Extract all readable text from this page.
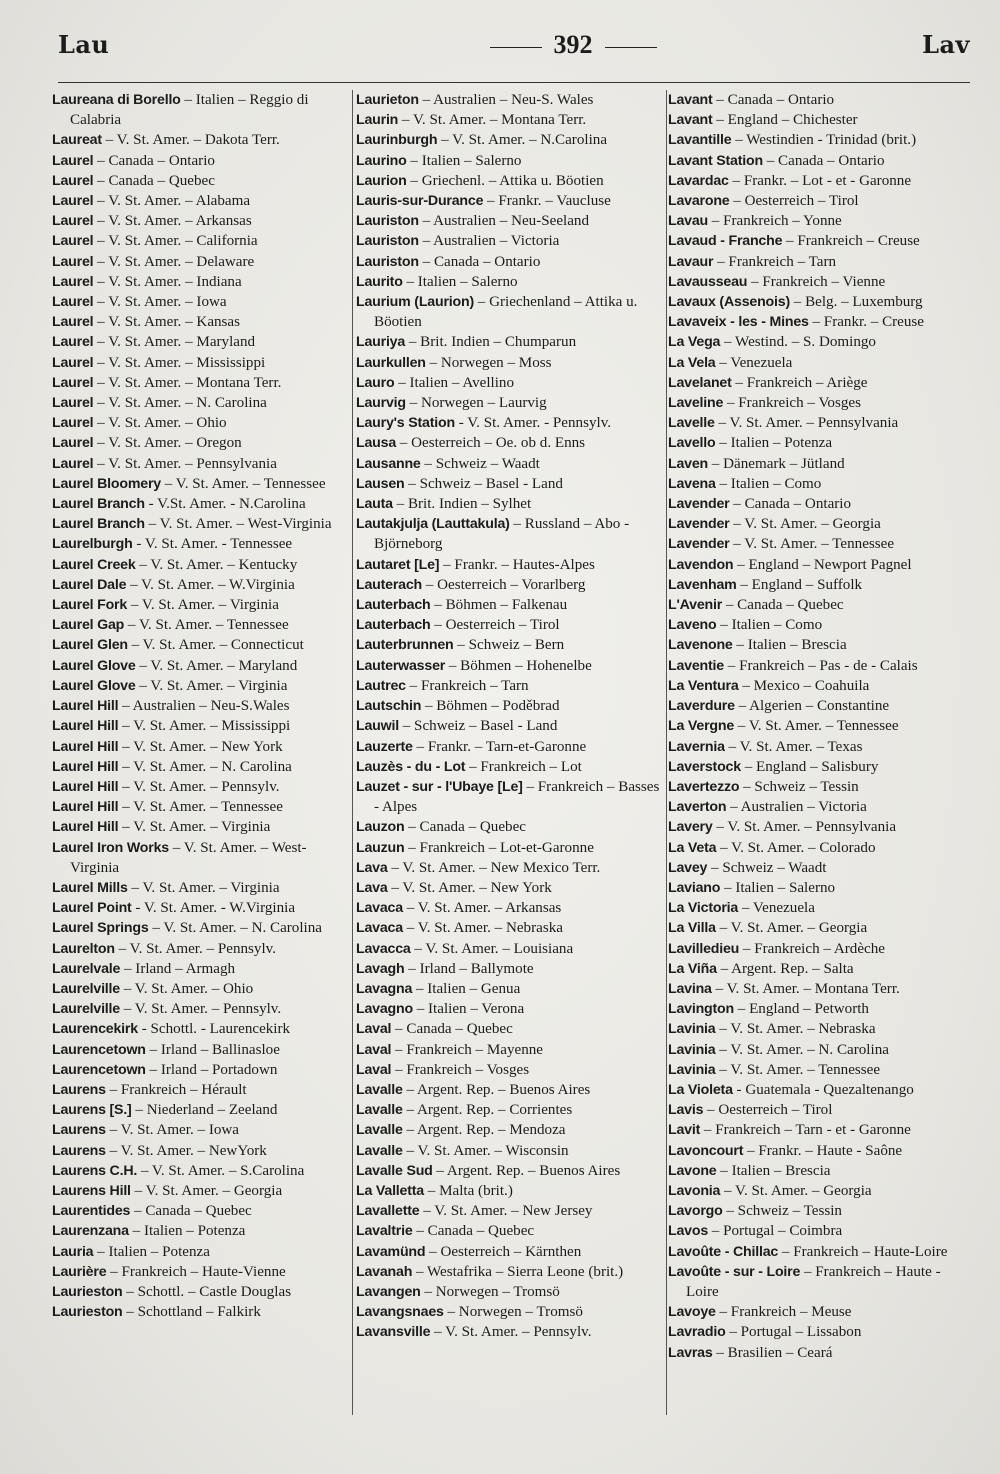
Lau	392	Lav

Laureana di Borello – Italien – Reggio di Calabria

Laureat – V. St. Amer. – Dakota Terr.

Laurel – Canada – Ontario

Laurel – Canada – Quebec

Laurel – V. St. Amer. – Alabama

Laurel – V. St. Amer. – Arkansas

Laurel – V. St. Amer. – California

Laurel – V. St. Amer. – Delaware

Laurel – V. St. Amer. – Indiana

Laurel – V. St. Amer. – Iowa

Laurel – V. St. Amer. – Kansas

Laurel – V. St. Amer. – Maryland

Laurel – V. St. Amer. – Mississippi

Laurel – V. St. Amer. – Montana Terr.

Laurel – V. St. Amer. – N. Carolina

Laurel – V. St. Amer. – Ohio

Laurel – V. St. Amer. – Oregon

Laurel – V. St. Amer. – Pennsylvania

Laurel Bloomery – V. St. Amer. – Tennessee

Laurel Branch - V.St. Amer. - N.Carolina

Laurel Branch – V. St. Amer. – West-Virginia

Laurelburgh - V. St. Amer. - Tennessee

Laurel Creek – V. St. Amer. – Kentucky

Laurel Dale – V. St. Amer. – W.Virginia

Laurel Fork – V. St. Amer. – Virginia

Laurel Gap – V. St. Amer. – Tennessee

Laurel Glen – V. St. Amer. – Connecticut

Laurel Glove – V. St. Amer. – Maryland

Laurel Glove – V. St. Amer. – Virginia

Laurel Hill – Australien – Neu-S.Wales

Laurel Hill – V. St. Amer. – Mississippi

Laurel Hill – V. St. Amer. – New York

Laurel Hill – V. St. Amer. – N. Carolina

Laurel Hill – V. St. Amer. – Pennsylv.

Laurel Hill – V. St. Amer. – Tennessee

Laurel Hill – V. St. Amer. – Virginia

Laurel Iron Works – V. St. Amer. – West-Virginia

Laurel Mills – V. St. Amer. – Virginia

Laurel Point - V. St. Amer. - W.Virginia

Laurel Springs – V. St. Amer. – N. Carolina

Laurelton – V. St. Amer. – Pennsylv.

Laurelvale – Irland – Armagh

Laurelville – V. St. Amer. – Ohio

Laurelville – V. St. Amer. – Pennsylv.

Laurencekirk - Schottl. - Laurencekirk

Laurencetown – Irland – Ballinasloe

Laurencetown – Irland – Portadown

Laurens – Frankreich – Hérault

Laurens [S.] – Niederland – Zeeland

Laurens – V. St. Amer. – Iowa

Laurens – V. St. Amer. – NewYork

Laurens C.H. – V. St. Amer. – S.Carolina

Laurens Hill – V. St. Amer. – Georgia

Laurentides – Canada – Quebec

Laurenzana – Italien – Potenza

Lauria – Italien – Potenza

Laurière – Frankreich – Haute-Vienne

Laurieston – Schottl. – Castle Douglas

Laurieston – Schottland – Falkirk

Laurieton – Australien – Neu-S. Wales

Laurin – V. St. Amer. – Montana Terr.

Laurinburgh – V. St. Amer. – N.Carolina

Laurino – Italien – Salerno

Laurion – Griechenl. – Attika u. Böotien

Lauris-sur-Durance – Frankr. – Vaucluse

Lauriston – Australien – Neu-Seeland

Lauriston – Australien – Victoria

Lauriston – Canada – Ontario

Laurito – Italien – Salerno

Laurium (Laurion) – Griechenland – Attika u. Böotien

Lauriya – Brit. Indien – Chumparun

Laurkullen – Norwegen – Moss

Lauro – Italien – Avellino

Laurvig – Norwegen – Laurvig

Laury's Station - V. St. Amer. - Pennsylv.

Lausa – Oesterreich – Oe. ob d. Enns

Lausanne – Schweiz – Waadt

Lausen – Schweiz – Basel - Land

Lauta – Brit. Indien – Sylhet

Lautakjulja (Lauttakula) – Russland – Abo - Björneborg

Lautaret [Le] – Frankr. – Hautes-Alpes

Lauterach – Oesterreich – Vorarlberg

Lauterbach – Böhmen – Falkenau

Lauterbach – Oesterreich – Tirol

Lauterbrunnen – Schweiz – Bern

Lauterwasser – Böhmen – Hohenelbe

Lautrec – Frankreich – Tarn

Lautschin – Böhmen – Poděbrad

Lauwil – Schweiz – Basel - Land

Lauzerte – Frankr. – Tarn-et-Garonne

Lauzès - du - Lot – Frankreich – Lot

Lauzet - sur - l'Ubaye [Le] – Frankreich – Basses - Alpes

Lauzon – Canada – Quebec

Lauzun – Frankreich – Lot-et-Garonne

Lava – V. St. Amer. – New Mexico Terr.

Lava – V. St. Amer. – New York

Lavaca – V. St. Amer. – Arkansas

Lavaca – V. St. Amer. – Nebraska

Lavacca – V. St. Amer. – Louisiana

Lavagh – Irland – Ballymote

Lavagna – Italien – Genua

Lavagno – Italien – Verona

Laval – Canada – Quebec

Laval – Frankreich – Mayenne

Laval – Frankreich – Vosges

Lavalle – Argent. Rep. – Buenos Aires

Lavalle – Argent. Rep. – Corrientes

Lavalle – Argent. Rep. – Mendoza

Lavalle – V. St. Amer. – Wisconsin

Lavalle Sud – Argent. Rep. – Buenos Aires

La Valletta – Malta (brit.)

Lavallette – V. St. Amer. – New Jersey

Lavaltrie – Canada – Quebec

Lavamünd – Oesterreich – Kärnthen

Lavanah – Westafrika – Sierra Leone (brit.)

Lavangen – Norwegen – Tromsö

Lavangsnaes – Norwegen – Tromsö

Lavansville – V. St. Amer. – Pennsylv.

Lavant – Canada – Ontario

Lavant – England – Chichester

Lavantille – Westindien - Trinidad (brit.)

Lavant Station – Canada – Ontario

Lavardac – Frankr. – Lot - et - Garonne

Lavarone – Oesterreich – Tirol

Lavau – Frankreich – Yonne

Lavaud - Franche – Frankreich – Creuse

Lavaur – Frankreich – Tarn

Lavausseau – Frankreich – Vienne

Lavaux (Assenois) – Belg. – Luxemburg

Lavaveix - les - Mines – Frankr. – Creuse

La Vega – Westind. – S. Domingo

La Vela – Venezuela

Lavelanet – Frankreich – Ariège

Laveline – Frankreich – Vosges

Lavelle – V. St. Amer. – Pennsylvania

Lavello – Italien – Potenza

Laven – Dänemark – Jütland

Lavena – Italien – Como

Lavender – Canada – Ontario

Lavender – V. St. Amer. – Georgia

Lavender – V. St. Amer. – Tennessee

Lavendon – England – Newport Pagnel

Lavenham – England – Suffolk

L'Avenir – Canada – Quebec

Laveno – Italien – Como

Lavenone – Italien – Brescia

Laventie – Frankreich – Pas - de - Calais

La Ventura – Mexico – Coahuila

Laverdure – Algerien – Constantine

La Vergne – V. St. Amer. – Tennessee

Lavernia – V. St. Amer. – Texas

Laverstock – England – Salisbury

Lavertezzo – Schweiz – Tessin

Laverton – Australien – Victoria

Lavery – V. St. Amer. – Pennsylvania

La Veta – V. St. Amer. – Colorado

Lavey – Schweiz – Waadt

Laviano – Italien – Salerno

La Victoria – Venezuela

La Villa – V. St. Amer. – Georgia

Lavilledieu – Frankreich – Ardèche

La Viña – Argent. Rep. – Salta

Lavina – V. St. Amer. – Montana Terr.

Lavington – England – Petworth

Lavinia – V. St. Amer. – Nebraska

Lavinia – V. St. Amer. – N. Carolina

Lavinia – V. St. Amer. – Tennessee

La Violeta - Guatemala - Quezaltenango

Lavis – Oesterreich – Tirol

Lavit – Frankreich – Tarn - et - Garonne

Lavoncourt – Frankr. – Haute - Saône

Lavone – Italien – Brescia

Lavonia – V. St. Amer. – Georgia

Lavorgo – Schweiz – Tessin

Lavos – Portugal – Coimbra

Lavoûte - Chillac – Frankreich – Haute-Loire

Lavoûte - sur - Loire – Frankreich – Haute - Loire

Lavoye – Frankreich – Meuse

Lavradio – Portugal – Lissabon

Lavras – Brasilien – Ceará
